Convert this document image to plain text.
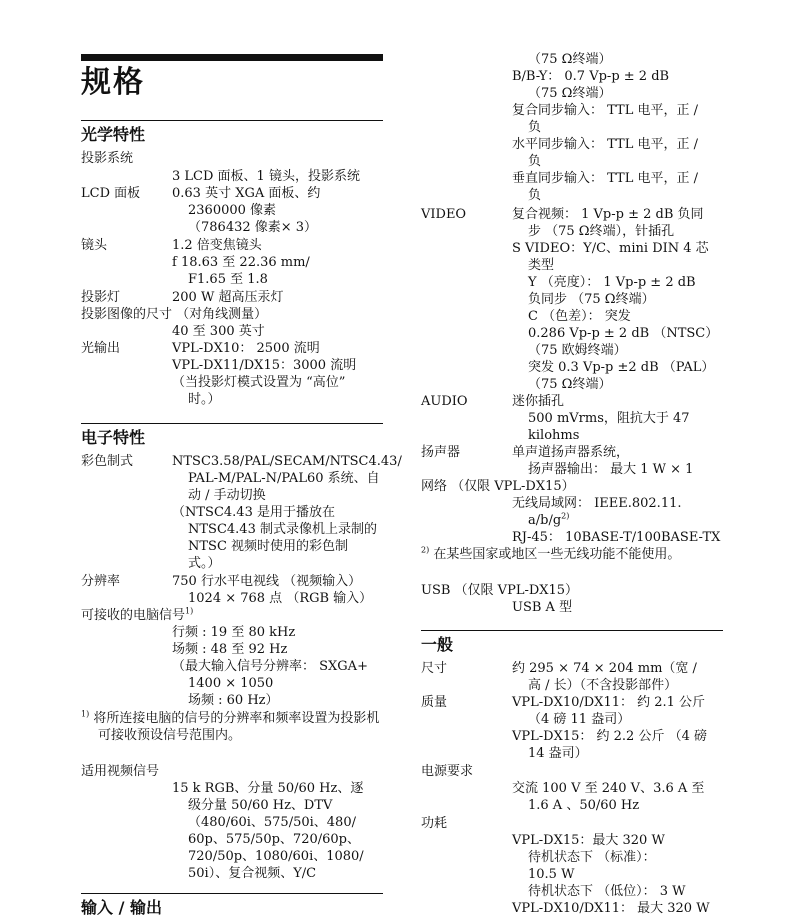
规格
光学特性
投影系统
3 LCD 面板、1 镜头，投影系统
LCD 面板 0.63 英寸 XGA 面板、约
2360000 像素
（786432 像素× 3）
镜头	1.2 倍变焦镜头
f 18.63 至 22.36 mm/
F1.65 至 1.8
投影灯	200 W 超高压汞灯
投影图像的尺寸 （对角线测量）
40 至 300 英寸
光输出	VPL-DX10： 2500 流明
VPL-DX11/DX15：3000 流明
（当投影灯模式设置为 “高位”
时。）
电子特性
彩色制式	NTSC3.58/PAL/SECAM/NTSC4.43/
PAL-M/PAL-N/PAL60 系统、自
动 / 手动切换
（NTSC4.43 是用于播放在
NTSC4.43 制式录像机上录制的
NTSC 视频时使用的彩色制
式。）
分辨率	750 行水平电视线 （视频输入）
1024 × 768 点 （RGB 输入）
可接收的电脑信号$^{1)}$
行频 : 19 至 80 kHz
场频 : 48 至 92 Hz
（最大输入信号分辨率： SXGA+
1400 × 1050
场频 : 60 Hz）
$^{1)}$ 将所连接电脑的信号的分辨率和频率设置为投影机可接收预设信号范围内。
适用视频信号
15 k RGB、分量 50/60 Hz、逐
级分量 50/60 Hz、DTV
（480/60i、575/50i、480/
60p、575/50p、720/60p、
720/50p、1080/60i、1080/
50i）、复合视频、Y/C
输入 / 输出
（75 Ω终端）
B/B-Y： 0.7 Vp-p ± 2 dB
（75 Ω终端）
复合同步输入： TTL 电平，正 /
负
水平同步输入： TTL 电平，正 /
负
垂直同步输入： TTL 电平，正 /
负
VIDEO	复合视频： 1 Vp-p ± 2 dB 负同
步 （75 Ω终端），针插孔
S VIDEO：Y/C、mini DIN 4 芯
类型
Y （亮度）： 1 Vp-p ± 2 dB
负同步 （75 Ω终端）
C （色差）： 突发
0.286 Vp-p ± 2 dB （NTSC）
（75 欧姆终端）
突发 0.3 Vp-p ±2 dB （PAL）
（75 Ω终端）
AUDIO	迷你插孔
500 mVrms，阻抗大于 47
kilohms
扬声器	单声道扬声器系统，
扬声器输出： 最大 1 W × 1
网络 （仅限 VPL-DX15）
无线局域网： IEEE.802.11.
$a/b/g^{2)}$
RJ-45： 10BASE-T/100BASE-TX
$^{2)}$ 在某些国家或地区一些无线功能不能使用。
USB （仅限 VPL-DX15）
USB A 型
一般
尺寸	约 295 × 74 × 204 mm（宽 /
高 / 长）（不含投影部件）
质量	VPL-DX10/DX11： 约 2.1 公斤
（4 磅 11 盎司）
VPL-DX15： 约 2.2 公斤 （4 磅
14 盎司）
电源要求
交流 100 V 至 240 V、3.6 A 至
1.6 A 、50/60 Hz
功耗
VPL-DX15：最大 320 W
待机状态下 （标准）：
10.5 W
待机状态下 （低位）： 3 W
VPL-DX10/DX11： 最大 320 W
